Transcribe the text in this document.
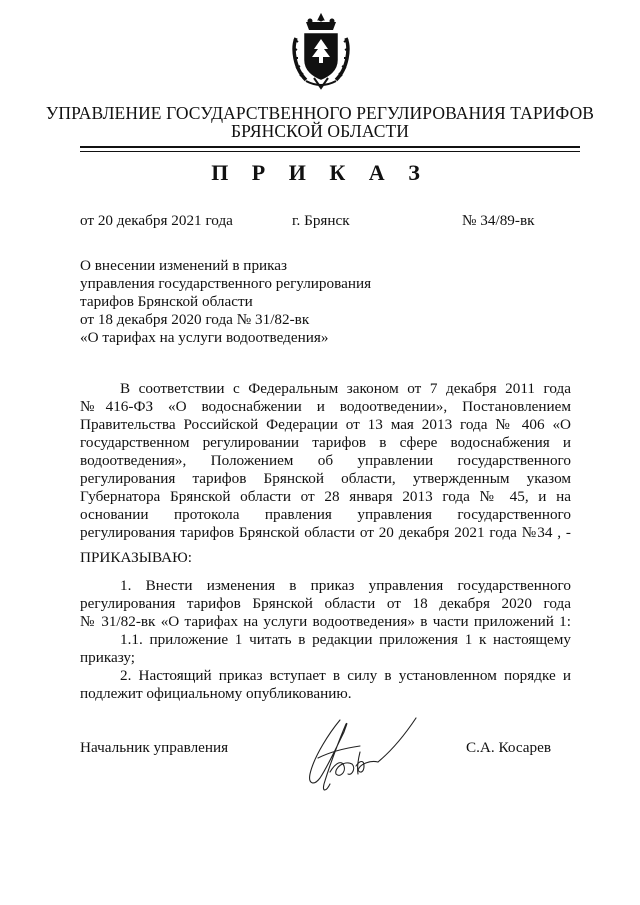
УПРАВЛЕНИЕ ГОСУДАРСТВЕННОГО РЕГУЛИРОВАНИЯ ТАРИФОВ
БРЯНСКОЙ ОБЛАСТИ
П Р И К А З
от 20 декабря 2021 года	г. Брянск	№ 34/89-вк
О внесении изменений в приказ
управления государственного регулирования
тарифов Брянской области
от 18 декабря 2020 года № 31/82-вк
«О тарифах на услуги водоотведения»
В соответствии с Федеральным законом от 7 декабря 2011 года
№416-ФЗ «О водоснабжении и водоотведении», Постановлением
Правительства Российской Федерации от 13 мая 2013 года № 406 «О
государственном регулировании тарифов в сфере водоснабжения и
водоотведения», Положением об управлении государственного
регулирования тарифов Брянской области, утвержденным указом
Губернатора Брянской области от 28 января 2013 года № 45, и на
основании протокола правления управления государственного
регулирования тарифов Брянской области от 20 декабря 2021 года №34 , -
ПРИКАЗЫВАЮ:
1. Внести изменения в приказ управления государственного
регулирования тарифов Брянской области от 18 декабря 2020 года
№ 31/82-вк «О тарифах на услуги водоотведения» в части приложений 1:
1.1. приложение 1 читать в редакции приложения 1 к настоящему
приказу;
2. Настоящий приказ вступает в силу в установленном порядке и
подлежит официальному опубликованию.
Начальник управления	С.А. Косарев
